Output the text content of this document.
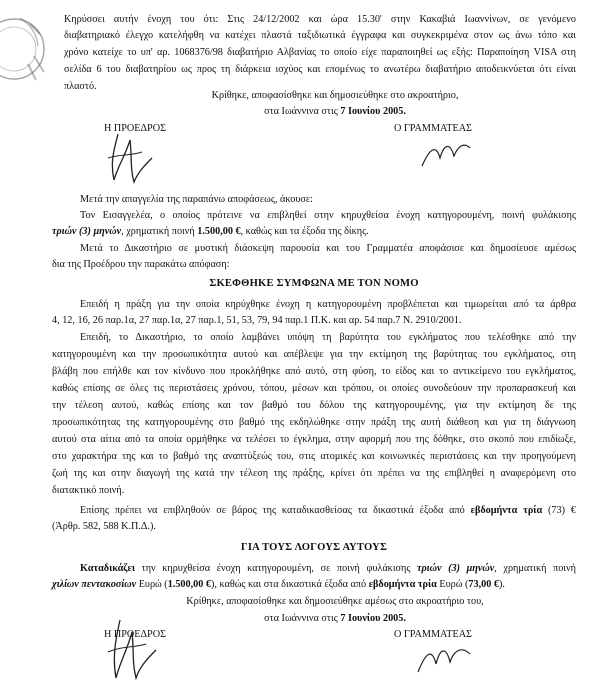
Κηρύσσει αυτήν ένοχη του ότι: Στις 24/12/2002 και ώρα 15.30' στην Κακαβιά Ιωαννίνων, σε γενόμενο
διαβατηριακό έλεγχο κατελήφθη να κατέχει πλαστά ταξιδιωτικά έγγραφα και συγκεκριμένα στον ως άνω τόπο και
χρόνο κατείχε το υπ' αρ. 1068376/98 διαβατήριο Αλβανίας το οποίο είχε παραποιηθεί ως εξής: Παραποίηση VISA στη
σελίδα 6 του διαβατηρίου ως προς τη διάρκεια ισχύος και επομένως το ανωτέρω διαβατήριο αποδεικνύεται ότι είναι
πλαστό.
Κρίθηκε, αποφασίσθηκε και δημοσιεύθηκε στο ακροατήριο,
στα Ιωάννινα στις 7 Ιουνίου 2005.
Η ΠΡΟΕΔΡΟΣ	Ο ΓΡΑΜΜΑΤΕΑΣ
Μετά την απαγγελία της παραπάνω αποφάσεως, άκουσε:
Τον Εισαγγελέα, ο οποίος πρότεινε να επιβληθεί στην κηρυχθείσα ένοχη κατηγορουμένη, ποινή φυλάκισης
τριών (3) μηνών, χρηματική ποινή 1.500,00 €, καθώς και τα έξοδα της δίκης.
Μετά το Δικαστήριο σε μυστική διάσκεψη παρουσία και του Γραμματέα αποφάσισε και δημοσίευσε αμέσως
δια της Προέδρου την παρακάτω απόφαση:
ΣΚΕΦΘΗΚΕ ΣΥΜΦΩΝΑ ΜΕ ΤΟΝ ΝΟΜΟ
Επειδή η πράξη για την οποία κηρύχθηκε ένοχη η κατηγορουμένη προβλέπεται και τιμωρείται από τα άρθρα
4, 12, 16, 26 παρ.1α, 27 παρ.1α, 27 παρ.1, 51, 53, 79, 94 παρ.1 Π.Κ. και αρ. 54 παρ.7 Ν. 2910/2001.
Επειδή, το Δικαστήριο, το οποίο λαμβάνει υπόψη τη βαρύτητα του εγκλήματος που τελέσθηκε από την
κατηγορουμένη και την προσωπικότητα αυτού και απέβλεψε για την εκτίμηση της βαρύτητας του εγκλήματος, στη
βλάβη που επήλθε και τον κίνδυνο που προκλήθηκε από αυτό, στη φύση, το είδος και το αντικείμενο του εγκλήματος,
καθώς επίσης σε όλες τις περιστάσεις χρόνου, τόπου, μέσων και τρόπου, οι οποίες συνοδεύουν την προπαρασκευή και
την τέλεση αυτού, καθώς επίσης και τον βαθμό του δόλου της κατηγορουμένης, για την εκτίμηση δε της
προσωπικότητας της κατηγορουμένης στο βαθμό της εκδηλώθηκε στην πράξη της αυτή διάθεση και για τη διάγνωση
αυτού στα αίτια από τα οποία ορμήθηκε να τελέσει το έγκλημα, στην αφορμή που της δόθηκε, στο σκοπό που επιδίωξε,
στο χαρακτήρα της και το βαθμό της αναπτύξεώς του, στις ατομικές και κοινωνικές περιστάσεις και την προηγούμενη
ζωή της και στην διαγωγή της κατά την τέλεση της πράξης, κρίνει ότι πρέπει να της επιβληθεί η αναφερόμενη στο
διατακτικό ποινή.
Επίσης πρέπει να επιβληθούν σε βάρος της καταδικασθείσας τα δικαστικά έξοδα από εβδομήντα τρία (73) €
(Άρθρ. 582, 588 Κ.Π.Δ.).
ΓΙΑ ΤΟΥΣ ΛΟΓΟΥΣ ΑΥΤΟΥΣ
Καταδικάζει την κηρυχθείσα ένοχη κατηγορουμένη, σε ποινή φυλάκισης τριών (3) μηνών, χρηματική ποινή
χιλίων πεντακοσίων Ευρώ (1.500,00 €), καθώς και στα δικαστικά έξοδα από εβδομήντα τρία Ευρώ (73,00 €).
Κρίθηκε, αποφασίσθηκε και δημοσιεύθηκε αμέσως στο ακροατήριο του,
στα Ιωάννινα στις 7 Ιουνίου 2005.
Η ΠΡΟΕΔΡΟΣ	Ο ΓΡΑΜΜΑΤΕΑΣ
